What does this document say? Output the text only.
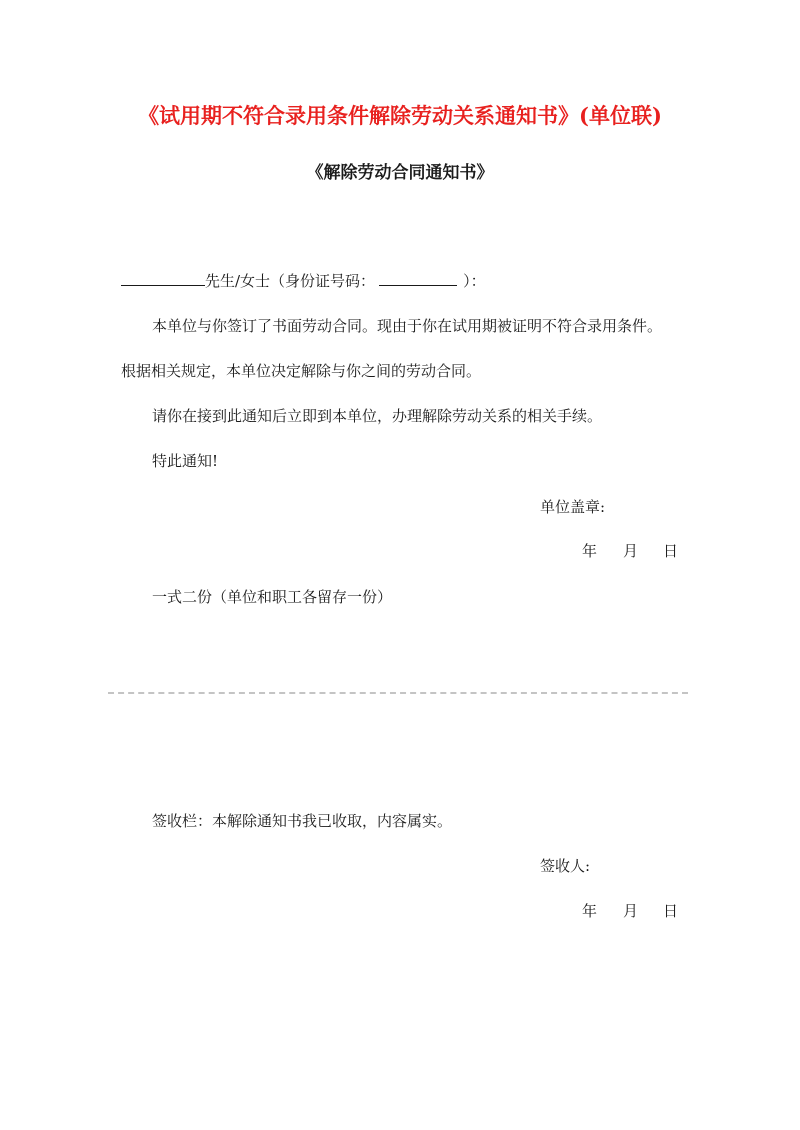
《试用期不符合录用条件解除劳动关系通知书》(单位联)
《解除劳动合同通知书》
先生/女士（身份证号码：	）：
本单位与你签订了书面劳动合同。现由于你在试用期被证明不符合录用条件。
根据相关规定，本单位决定解除与你之间的劳动合同。
请你在接到此通知后立即到本单位，办理解除劳动关系的相关手续。
特此通知!
单位盖章:
年 月 日
一式二份（单位和职工各留存一份）
签收栏：本解除通知书我已收取，内容属实。
签收人:
年 月 日
